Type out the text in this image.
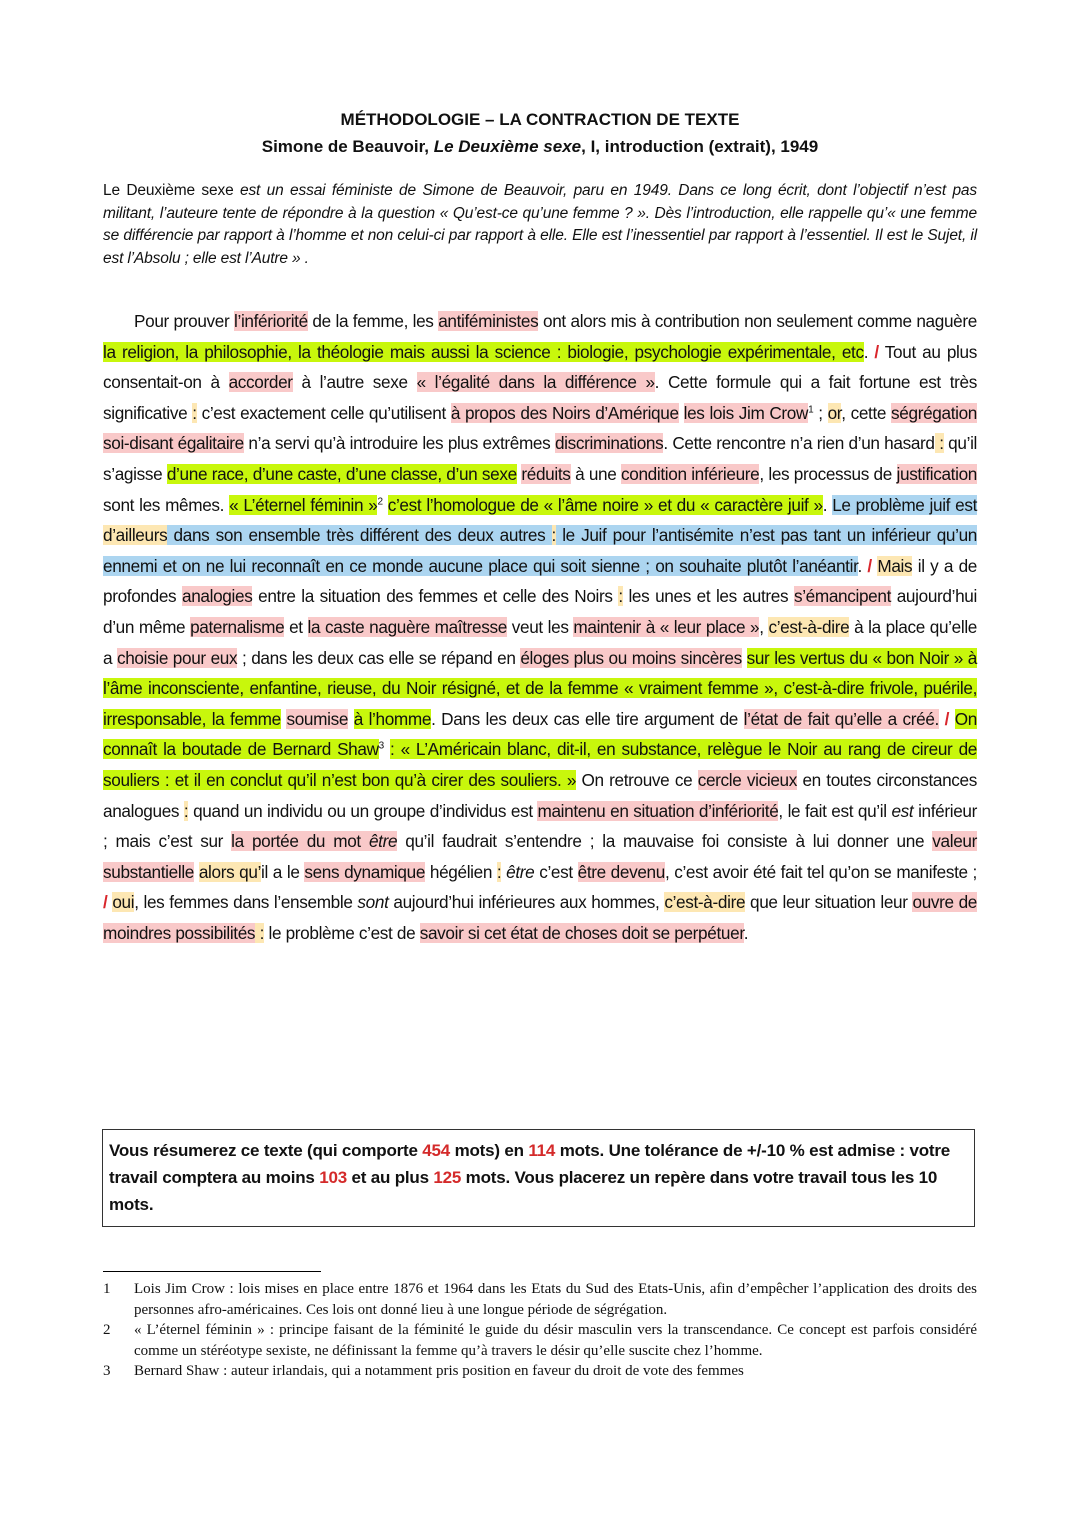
MÉTHODOLOGIE – LA CONTRACTION DE TEXTE
Simone de Beauvoir, Le Deuxième sexe, I, introduction (extrait), 1949
Le Deuxième sexe est un essai féministe de Simone de Beauvoir, paru en 1949. Dans ce long écrit, dont l’objectif n’est pas militant, l’auteure tente de répondre à la question « Qu’est-ce qu’une femme ? ». Dès l’introduction, elle rappelle qu’« une femme se différencie par rapport à l’homme et non celui-ci par rapport à elle. Elle est l’inessentiel par rapport à l’essentiel. Il est le Sujet, il est l’Absolu ; elle est l’Autre » .
Pour prouver l’infériorité de la femme, les antiféministes ont alors mis à contribution non seulement comme naguère la religion, la philosophie, la théologie mais aussi la science : biologie, psychologie expérimentale, etc. / Tout au plus consentait-on à accorder à l’autre sexe « l’égalité dans la différence ». Cette formule qui a fait fortune est très significative : c’est exactement celle qu’utilisent à propos des Noirs d’Amérique les lois Jim Crow$^1$ ; or, cette ségrégation soi-disant égalitaire n’a servi qu’à introduire les plus extrêmes discriminations. Cette rencontre n’a rien d’un hasard : qu’il s’agisse d’une race, d’une caste, d’une classe, d’un sexe réduits à une condition inférieure, les processus de justification sont les mêmes. « L’éternel féminin »$^2$ c’est l’homologue de « l’âme noire » et du « caractère juif ». Le problème juif est d’ailleurs dans son ensemble très différent des deux autres : le Juif pour l’antisémite n’est pas tant un inférieur qu’un ennemi et on ne lui reconnaît en ce monde aucune place qui soit sienne ; on souhaite plutôt l’anéantir. / Mais il y a de profondes analogies entre la situation des femmes et celle des Noirs : les unes et les autres s’émancipent aujourd’hui d’un même paternalisme et la caste naguère maîtresse veut les maintenir à « leur place », c’est-à-dire à la place qu’elle a choisie pour eux ; dans les deux cas elle se répand en éloges plus ou moins sincères sur les vertus du « bon Noir » à l’âme inconsciente, enfantine, rieuse, du Noir résigné, et de la femme « vraiment femme », c’est-à-dire frivole, puérile, irresponsable, la femme soumise à l’homme. Dans les deux cas elle tire argument de l’état de fait qu’elle a créé. / On connaît la boutade de Bernard Shaw$^3$ : « L’Américain blanc, dit-il, en substance, relègue le Noir au rang de cireur de souliers : et il en conclut qu’il n’est bon qu’à cirer des souliers. » On retrouve ce cercle vicieux en toutes circonstances analogues : quand un individu ou un groupe d’individus est maintenu en situation d’infériorité, le fait est qu’il est inférieur ; mais c’est sur la portée du mot être qu’il faudrait s’entendre ; la mauvaise foi consiste à lui donner une valeur substantielle alors qu’il a le sens dynamique hégélien : être c’est être devenu, c’est avoir été fait tel qu’on se manifeste ; / oui, les femmes dans l’ensemble sont aujourd’hui inférieures aux hommes, c’est-à-dire que leur situation leur ouvre de moindres possibilités : le problème c’est de savoir si cet état de choses doit se perpétuer.
Vous résumerez ce texte (qui comporte 454 mots) en 114 mots. Une tolérance de +/-10 % est admise : votre travail comptera au moins 103 et au plus 125 mots. Vous placerez un repère dans votre travail tous les 10 mots.
1	Lois Jim Crow : lois mises en place entre 1876 et 1964 dans les Etats du Sud des Etats-Unis, afin d’empêcher l’application des droits des personnes afro-américaines. Ces lois ont donné lieu à une longue période de ségrégation.
2	« L’éternel féminin » : principe faisant de la féminité le guide du désir masculin vers la transcendance. Ce concept est parfois considéré comme un stéréotype sexiste, ne définissant la femme qu’à travers le désir qu’elle suscite chez l’homme.
3	Bernard Shaw : auteur irlandais, qui a notamment pris position en faveur du droit de vote des femmes
